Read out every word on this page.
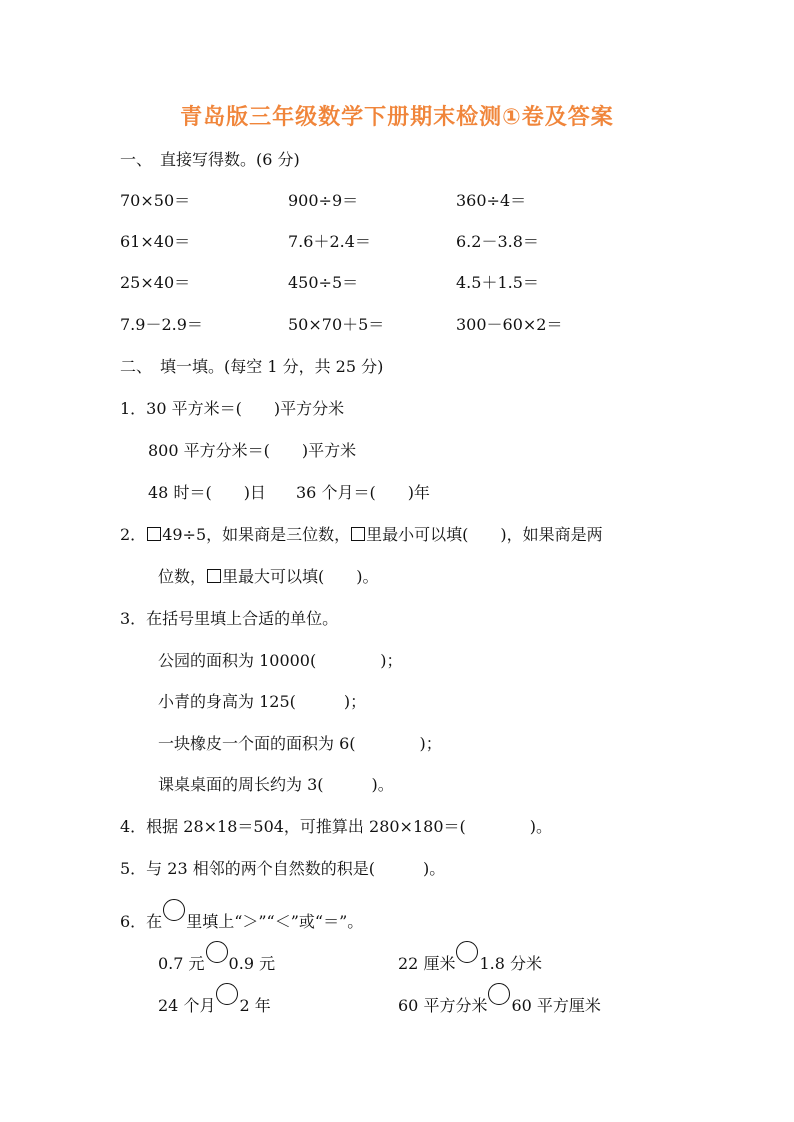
青岛版三年级数学下册期末检测①卷及答案
一、　直接写得数。(6 分)
70×50＝	900÷9＝	360÷4＝
61×40＝	7.6＋2.4＝	6.2－3.8＝
25×40＝	450÷5＝	4.5＋1.5＝
7.9－2.9＝	50×70＋5＝	300－60×2＝
二、　填一填。(每空 1 分，共 25 分)
1．30 平方米＝(　　)平方分米
800 平方分米＝(　　)平方米
48 时＝(　　)日 36 个月＝(　　)年
2． 49÷5，如果商是三位数， 里最小可以填(　　)，如果商是两
位数， 里最大可以填(　　)。
3．在括号里填上合适的单位。
公园的面积为 10000(　　　　)；
小青的身高为 125(　　　)；
一块橡皮一个面的面积为 6(　　　　)；
课桌桌面的周长约为 3(　　　)。
4．根据 28×18＝504，可推算出 280×180＝(　　　　)。
5．与 23 相邻的两个自然数的积是(　　　)。
6．在 里填上“＞”“＜”或“＝”。
0.7 元 0.9 元	22 厘米 1.8 分米
24 个月 2 年	60 平方分米 60 平方厘米
